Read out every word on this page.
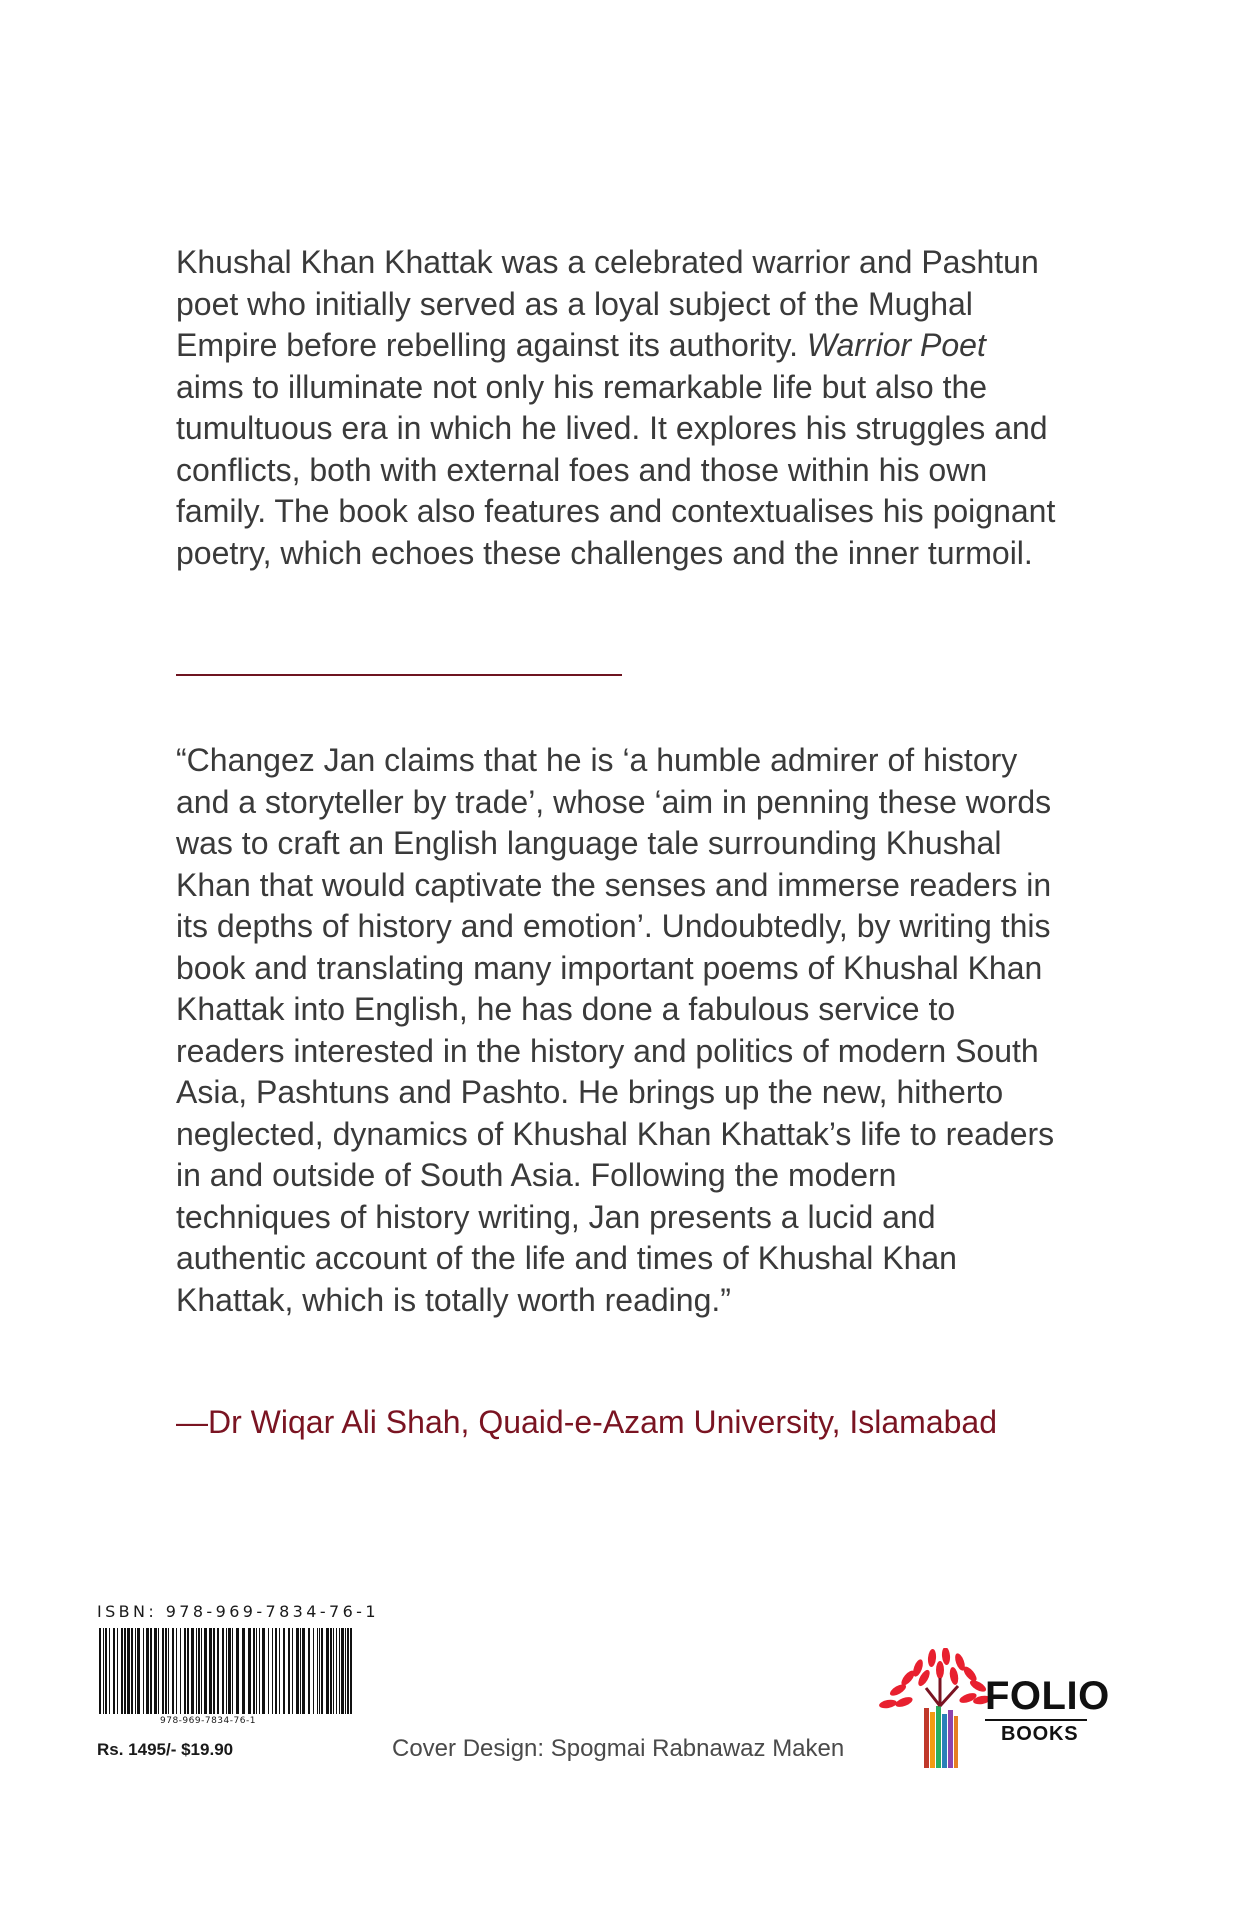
Khushal Khan Khattak was a celebrated warrior and Pashtun poet who initially served as a loyal subject of the Mughal Empire before rebelling against its authority. Warrior Poet aims to illuminate not only his remarkable life but also the tumultuous era in which he lived. It explores his struggles and conflicts, both with external foes and those within his own family. The book also features and contextualises his poignant poetry, which echoes these challenges and the inner turmoil.

“Changez Jan claims that he is ‘a humble admirer of history and a storyteller by trade’, whose ‘aim in penning these words was to craft an English language tale surrounding Khushal Khan that would captivate the senses and immerse readers in its depths of history and emotion’. Undoubtedly, by writing this book and translating many important poems of Khushal Khan Khattak into English, he has done a fabulous service to readers interested in the history and politics of modern South Asia, Pashtuns and Pashto. He brings up the new, hitherto neglected, dynamics of Khushal Khan Khattak’s life to readers in and outside of South Asia. Following the modern techniques of history writing, Jan presents a lucid and authentic account of the life and times of Khushal Khan Khattak, which is totally worth reading.”

—Dr Wiqar Ali Shah, Quaid-e-Azam University, Islamabad

ISBN: 978-969-7834-76-1
978-969-7834-76-1
Rs. 1495/- $19.90	Cover Design: Spogmai Rabnawaz Maken
FOLIO
BOOKS
